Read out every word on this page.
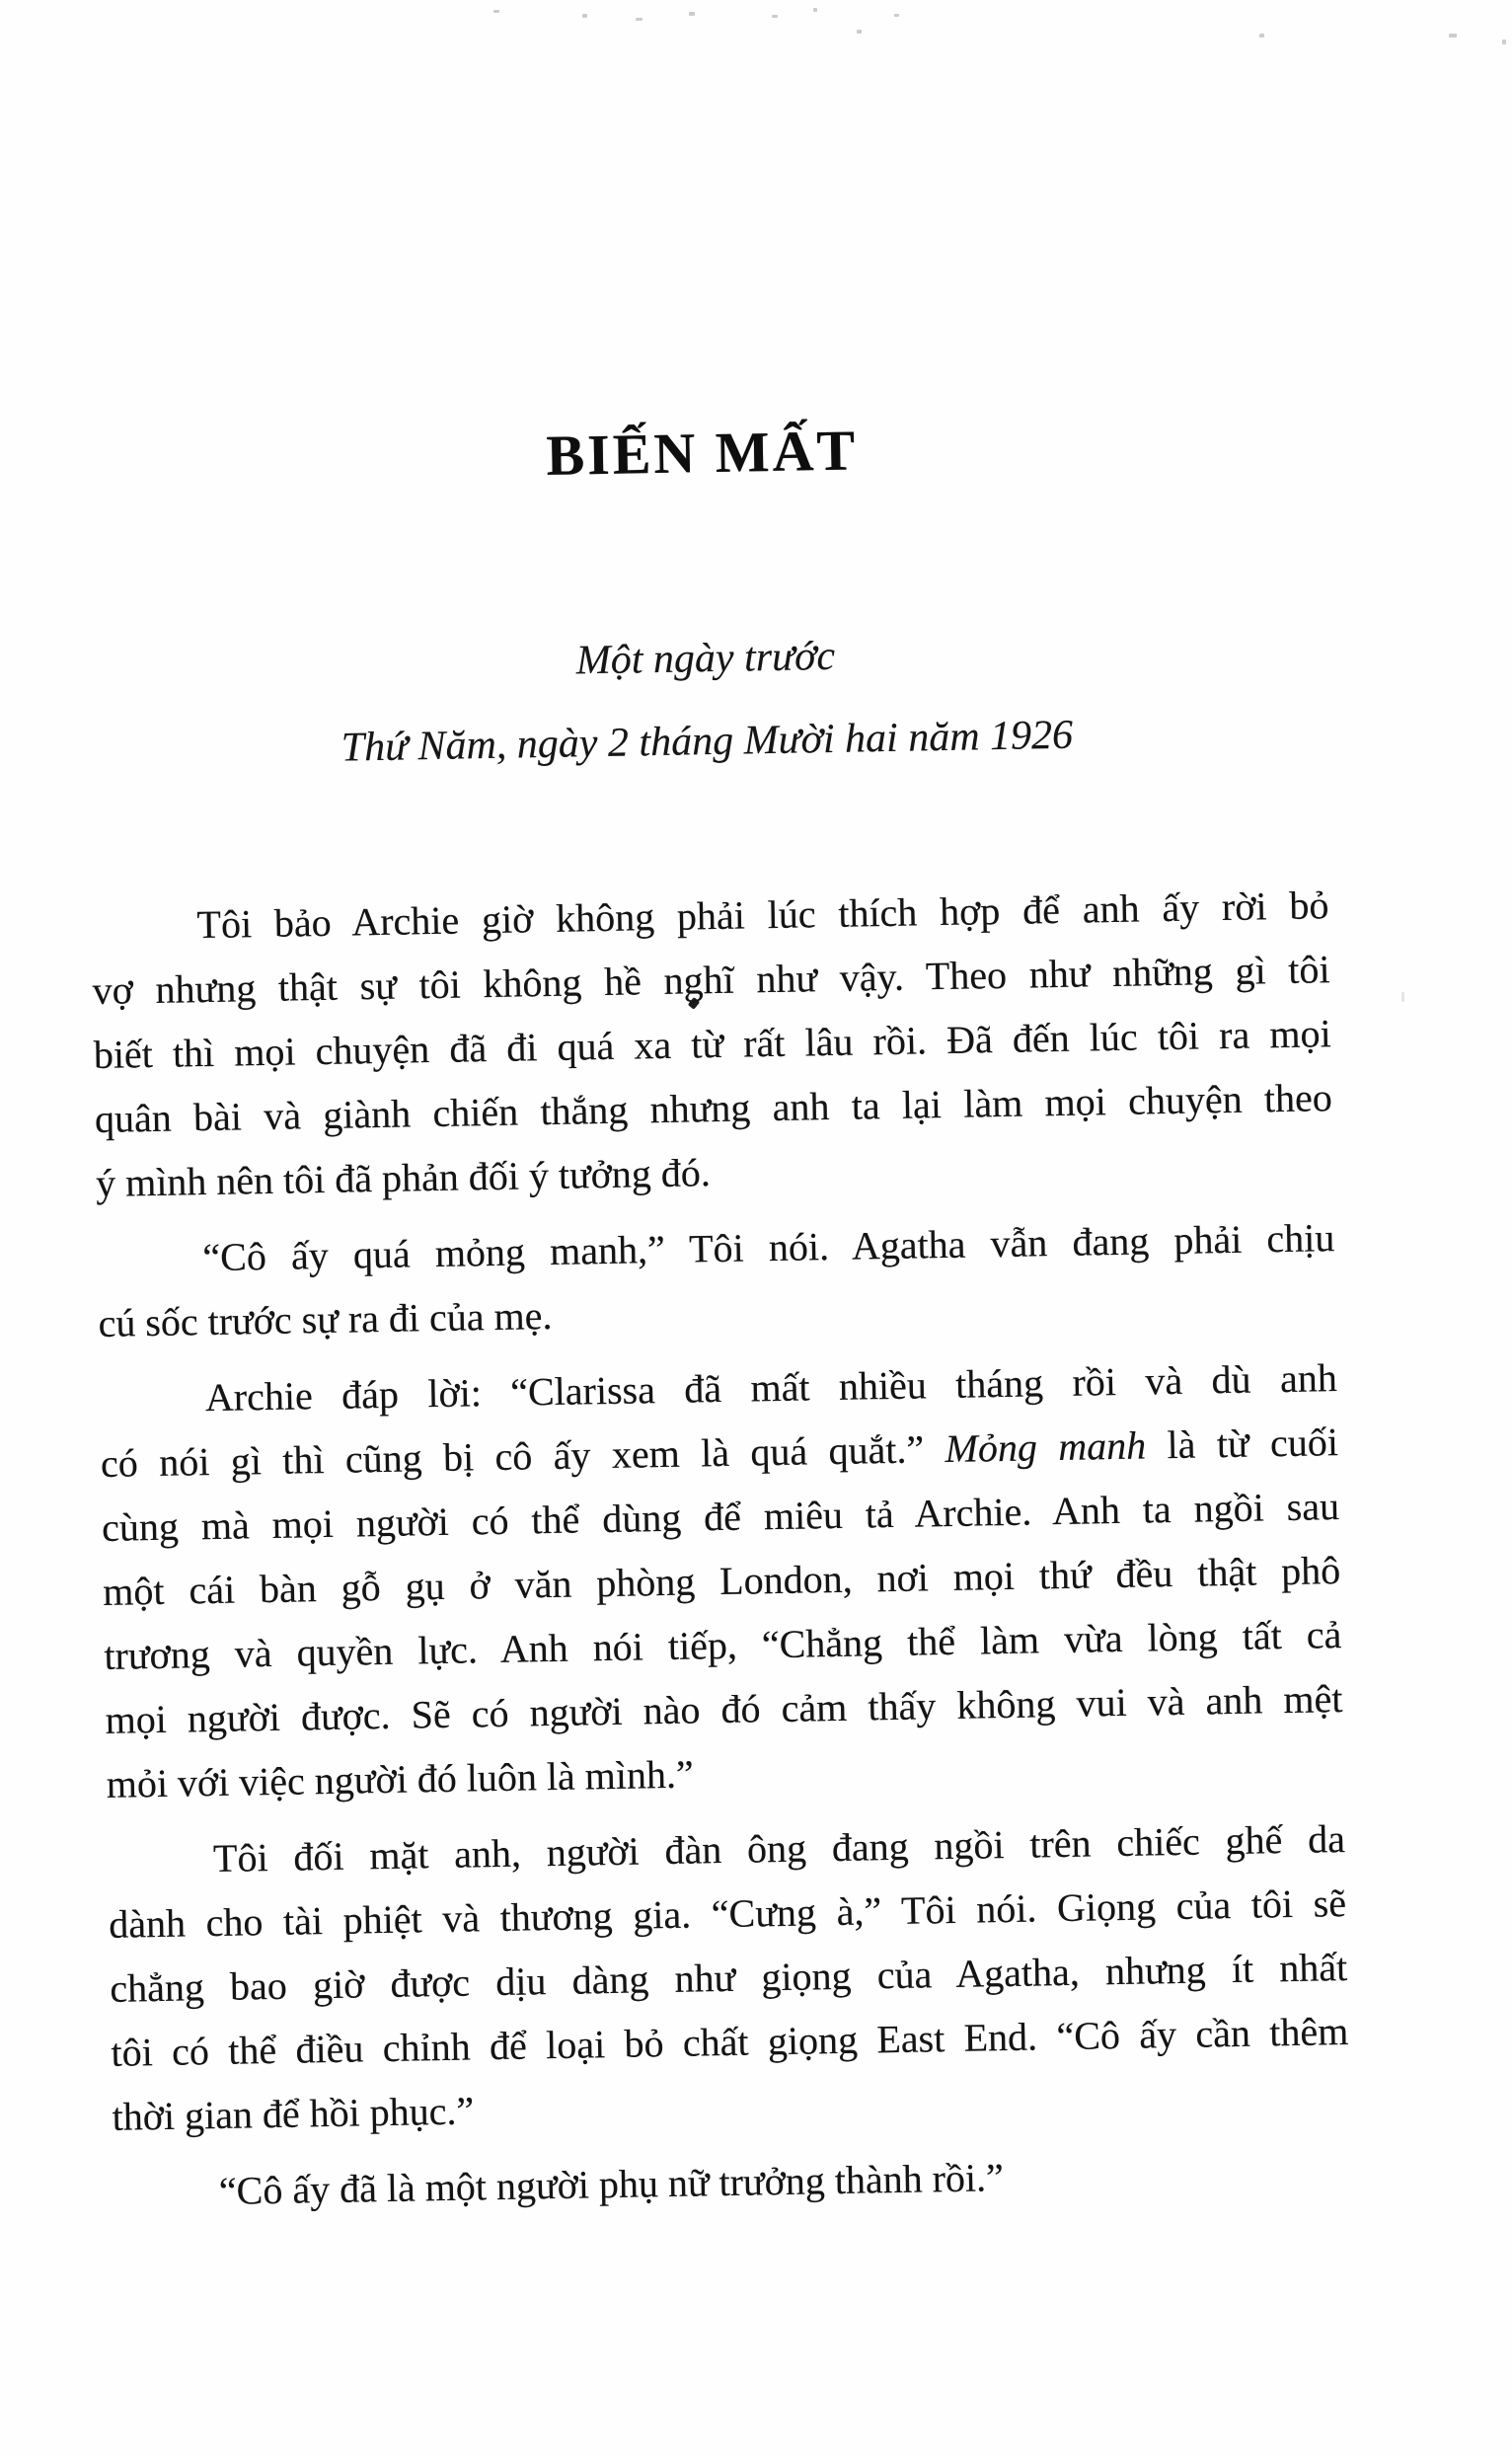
BIẾN MẤT

Một ngày trước

Thứ Năm, ngày 2 tháng Mười hai năm 1926

Tôi bảo Archie giờ không phải lúc thích hợp để anh ấy rời bỏ
vợ nhưng thật sự tôi không hề nghĩ như vậy. Theo như những gì tôi
biết thì mọi chuyện đã đi quá xa từ rất lâu rồi. Đã đến lúc tôi ra mọi
quân bài và giành chiến thắng nhưng anh ta lại làm mọi chuyện theo
ý mình nên tôi đã phản đối ý tưởng đó.
“Cô ấy quá mỏng manh,” Tôi nói. Agatha vẫn đang phải chịu
cú sốc trước sự ra đi của mẹ.
Archie đáp lời: “Clarissa đã mất nhiều tháng rồi và dù anh
có nói gì thì cũng bị cô ấy xem là quá quắt.” Mỏng manh là từ cuối
cùng mà mọi người có thể dùng để miêu tả Archie. Anh ta ngồi sau
một cái bàn gỗ gụ ở văn phòng London, nơi mọi thứ đều thật phô
trương và quyền lực. Anh nói tiếp, “Chẳng thể làm vừa lòng tất cả
mọi người được. Sẽ có người nào đó cảm thấy không vui và anh mệt
mỏi với việc người đó luôn là mình.”
Tôi đối mặt anh, người đàn ông đang ngồi trên chiếc ghế da
dành cho tài phiệt và thương gia. “Cưng à,” Tôi nói. Giọng của tôi sẽ
chẳng bao giờ được dịu dàng như giọng của Agatha, nhưng ít nhất
tôi có thể điều chỉnh để loại bỏ chất giọng East End. “Cô ấy cần thêm
thời gian để hồi phục.”
“Cô ấy đã là một người phụ nữ trưởng thành rồi.”
